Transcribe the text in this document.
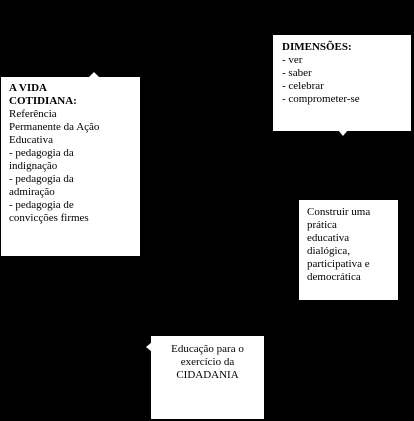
A VIDA
COTIDIANA:
Referência
Permanente da Ação
Educativa
- pedagogia da
indignação
- pedagogia da
admiração
- pedagogia de
convicções firmes
DIMENSÕES:
- ver
- saber
- celebrar
- comprometer-se
Construir uma
prática
educativa
dialógica,
participativa e
democrática
Educação para o
exercício da
CIDADANIA
